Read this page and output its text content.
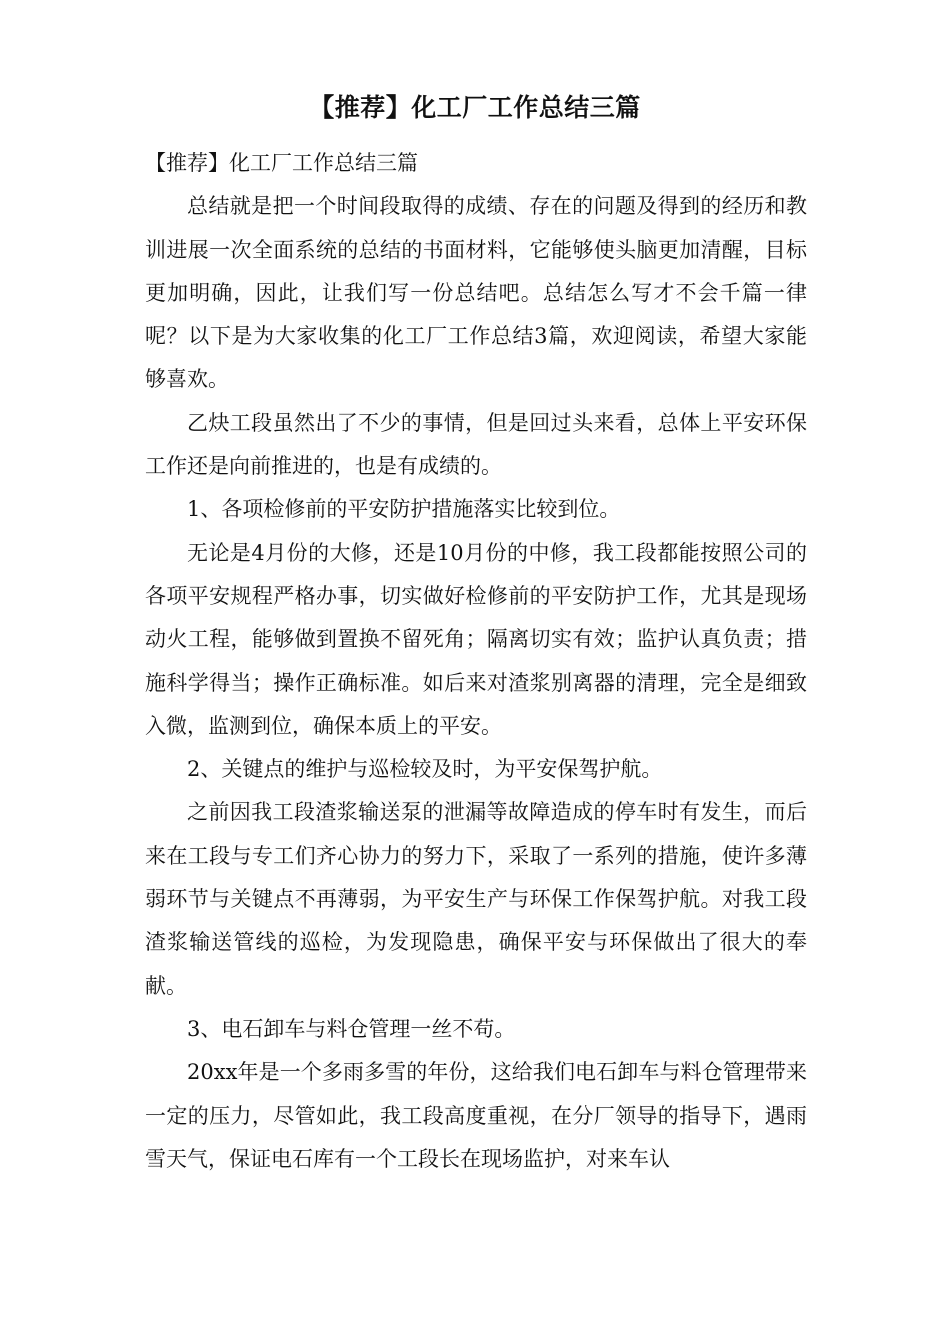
【推荐】化工厂工作总结三篇

【推荐】化工厂工作总结三篇

总结就是把一个时间段取得的成绩、存在的问题及得到的经历和教训进展一次全面系统的总结的书面材料，它能够使头脑更加清醒，目标更加明确，因此，让我们写一份总结吧。总结怎么写才不会千篇一律呢？以下是为大家收集的化工厂工作总结3篇，欢迎阅读，希望大家能够喜欢。

乙炔工段虽然出了不少的事情，但是回过头来看，总体上平安环保工作还是向前推进的，也是有成绩的。

1、各项检修前的平安防护措施落实比较到位。

无论是4月份的大修，还是10月份的中修，我工段都能按照公司的各项平安规程严格办事，切实做好检修前的平安防护工作，尤其是现场动火工程，能够做到置换不留死角；隔离切实有效；监护认真负责；措施科学得当；操作正确标准。如后来对渣浆别离器的清理，完全是细致入微，监测到位，确保本质上的平安。

2、关键点的维护与巡检较及时，为平安保驾护航。

之前因我工段渣浆输送泵的泄漏等故障造成的停车时有发生，而后来在工段与专工们齐心协力的努力下，采取了一系列的措施，使许多薄弱环节与关键点不再薄弱，为平安生产与环保工作保驾护航。对我工段渣浆输送管线的巡检，为发现隐患，确保平安与环保做出了很大的奉献。

3、电石卸车与料仓管理一丝不苟。

20xx年是一个多雨多雪的年份，这给我们电石卸车与料仓管理带来一定的压力，尽管如此，我工段高度重视，在分厂领导的指导下，遇雨雪天气，保证电石库有一个工段长在现场监护，对来车认
